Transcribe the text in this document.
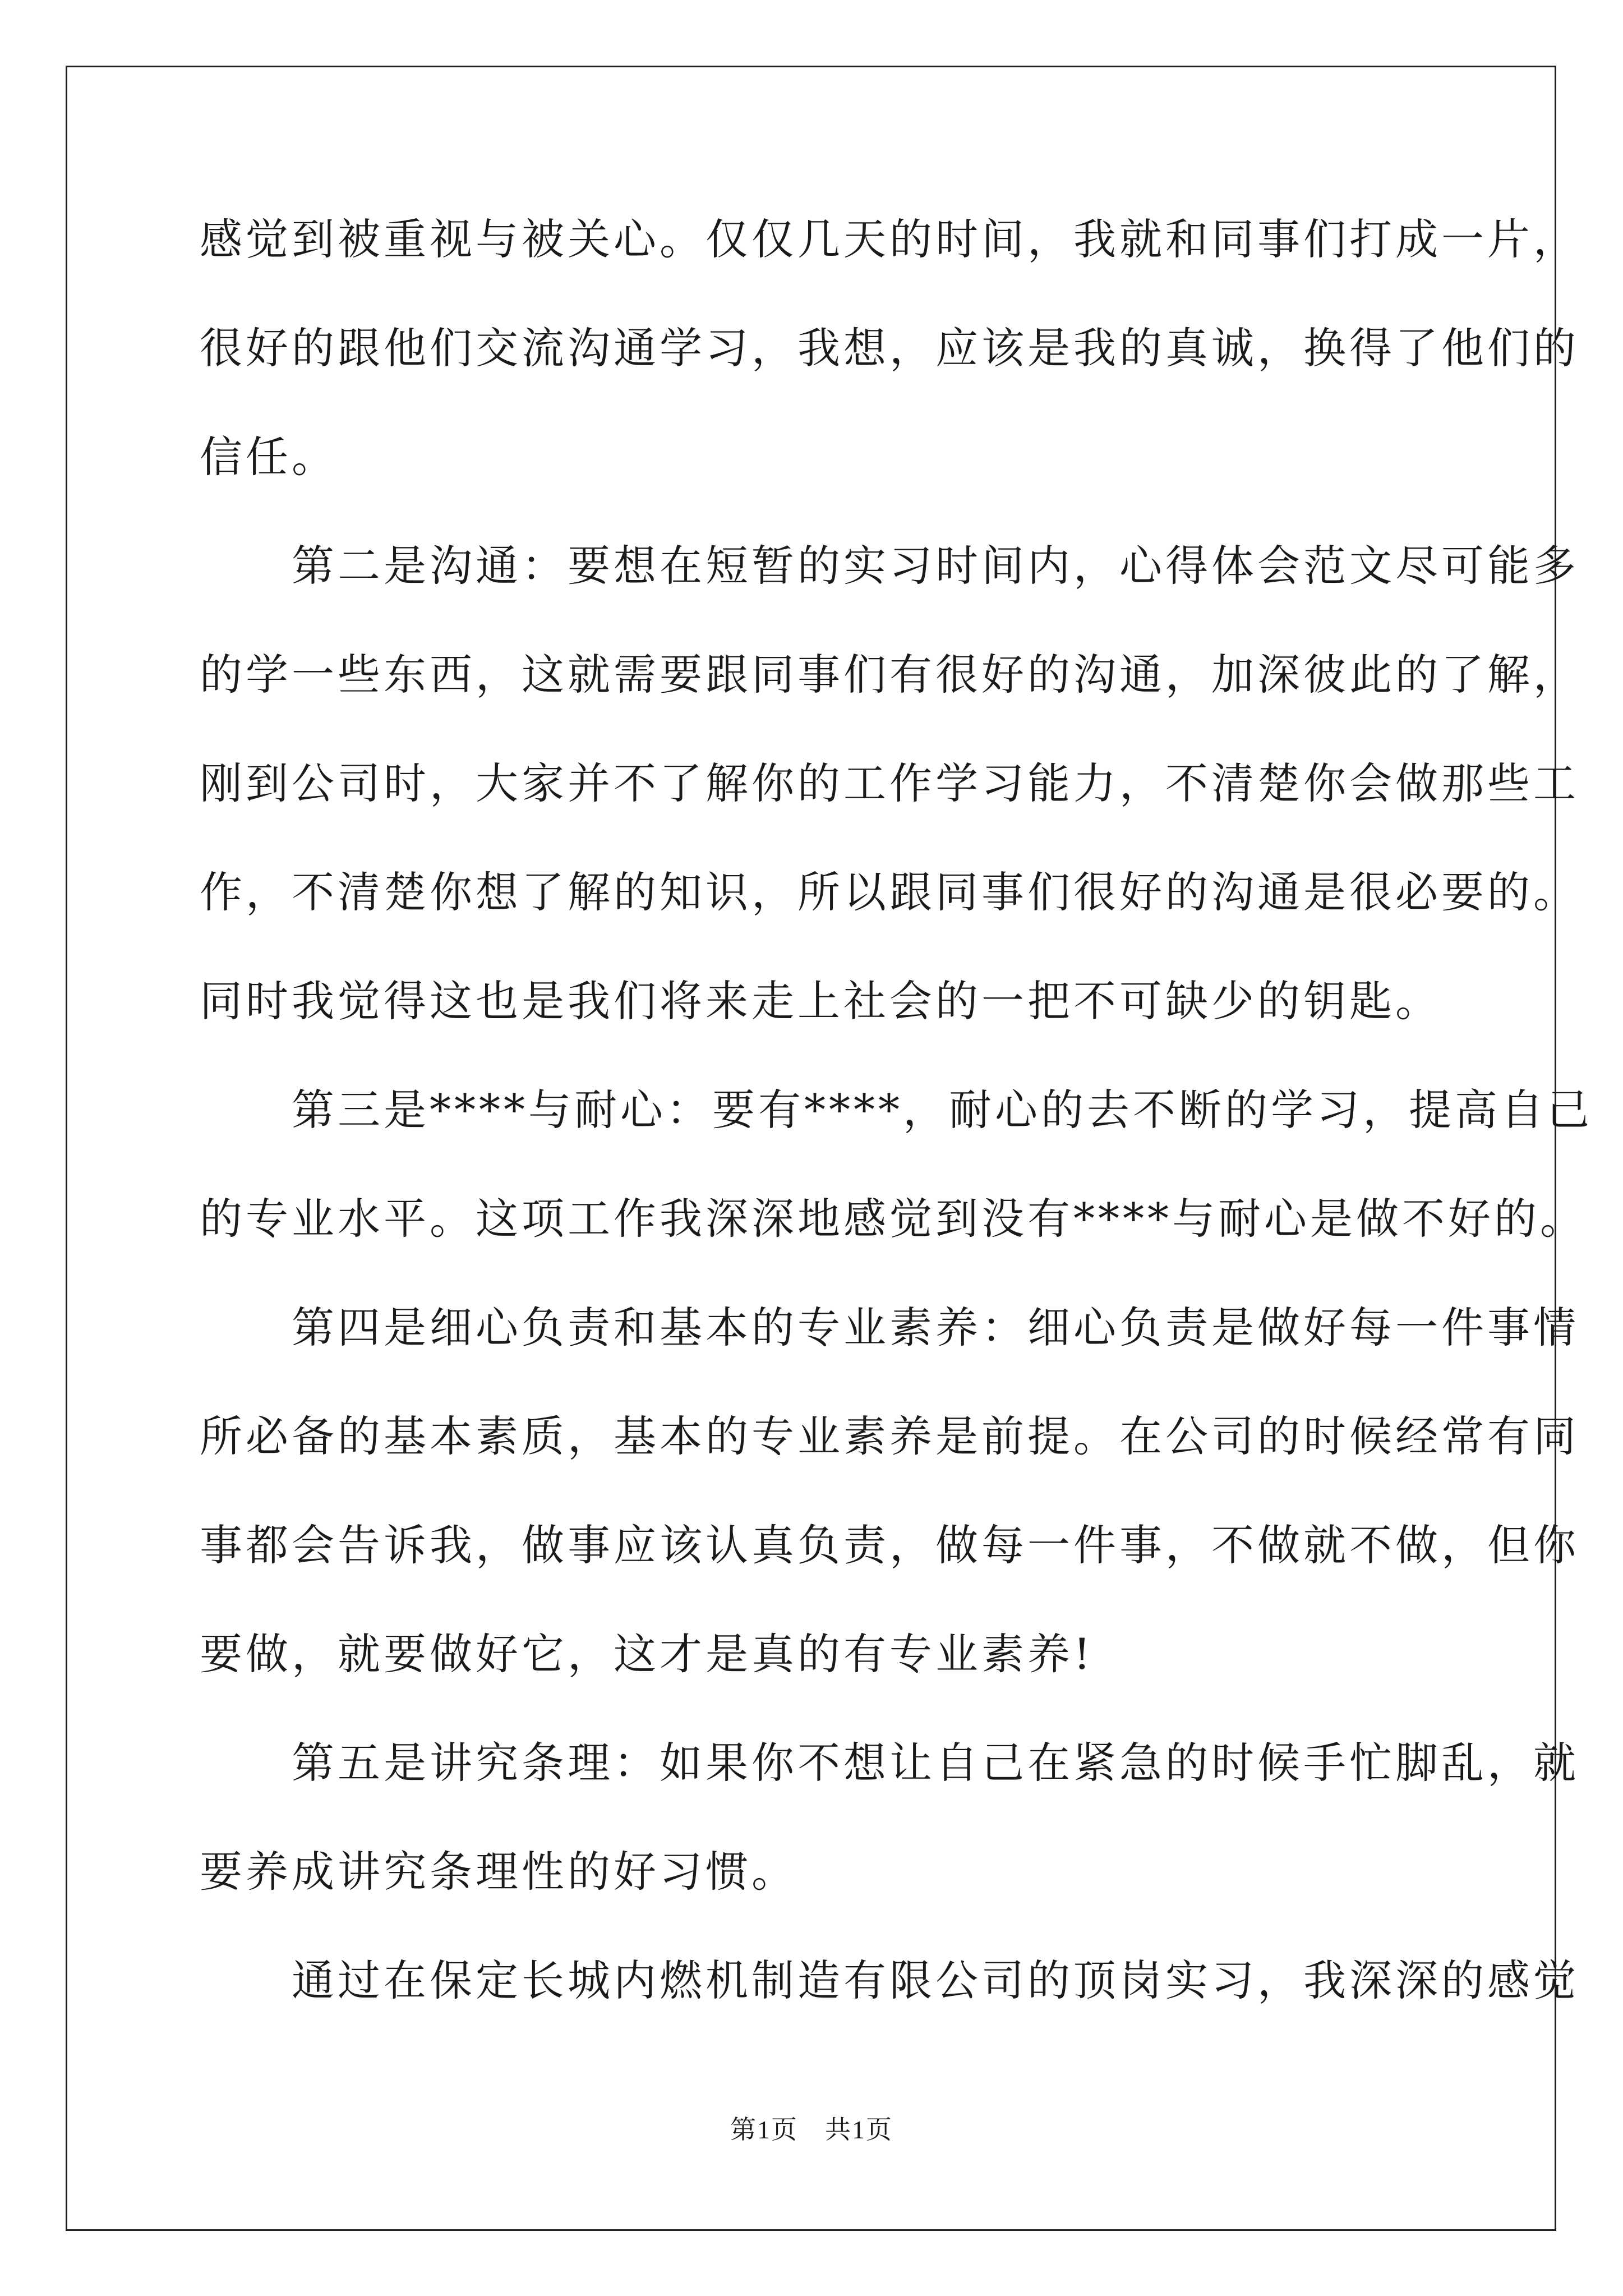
感觉到被重视与被关心。仅仅几天的时间，我就和同事们打成一片，
很好的跟他们交流沟通学习，我想，应该是我的真诚，换得了他们的
信任。
　　第二是沟通：要想在短暂的实习时间内，心得体会范文尽可能多
的学一些东西，这就需要跟同事们有很好的沟通，加深彼此的了解，
刚到公司时，大家并不了解你的工作学习能力，不清楚你会做那些工
作，不清楚你想了解的知识，所以跟同事们很好的沟通是很必要的。
同时我觉得这也是我们将来走上社会的一把不可缺少的钥匙。
　　第三是****与耐心：要有****，耐心的去不断的学习，提高自己
的专业水平。这项工作我深深地感觉到没有****与耐心是做不好的。
　　第四是细心负责和基本的专业素养：细心负责是做好每一件事情
所必备的基本素质，基本的专业素养是前提。在公司的时候经常有同
事都会告诉我，做事应该认真负责，做每一件事，不做就不做，但你
要做，就要做好它，这才是真的有专业素养!
　　第五是讲究条理：如果你不想让自己在紧急的时候手忙脚乱，就
要养成讲究条理性的好习惯。
　　通过在保定长城内燃机制造有限公司的顶岗实习，我深深的感觉
第1页　共1页
